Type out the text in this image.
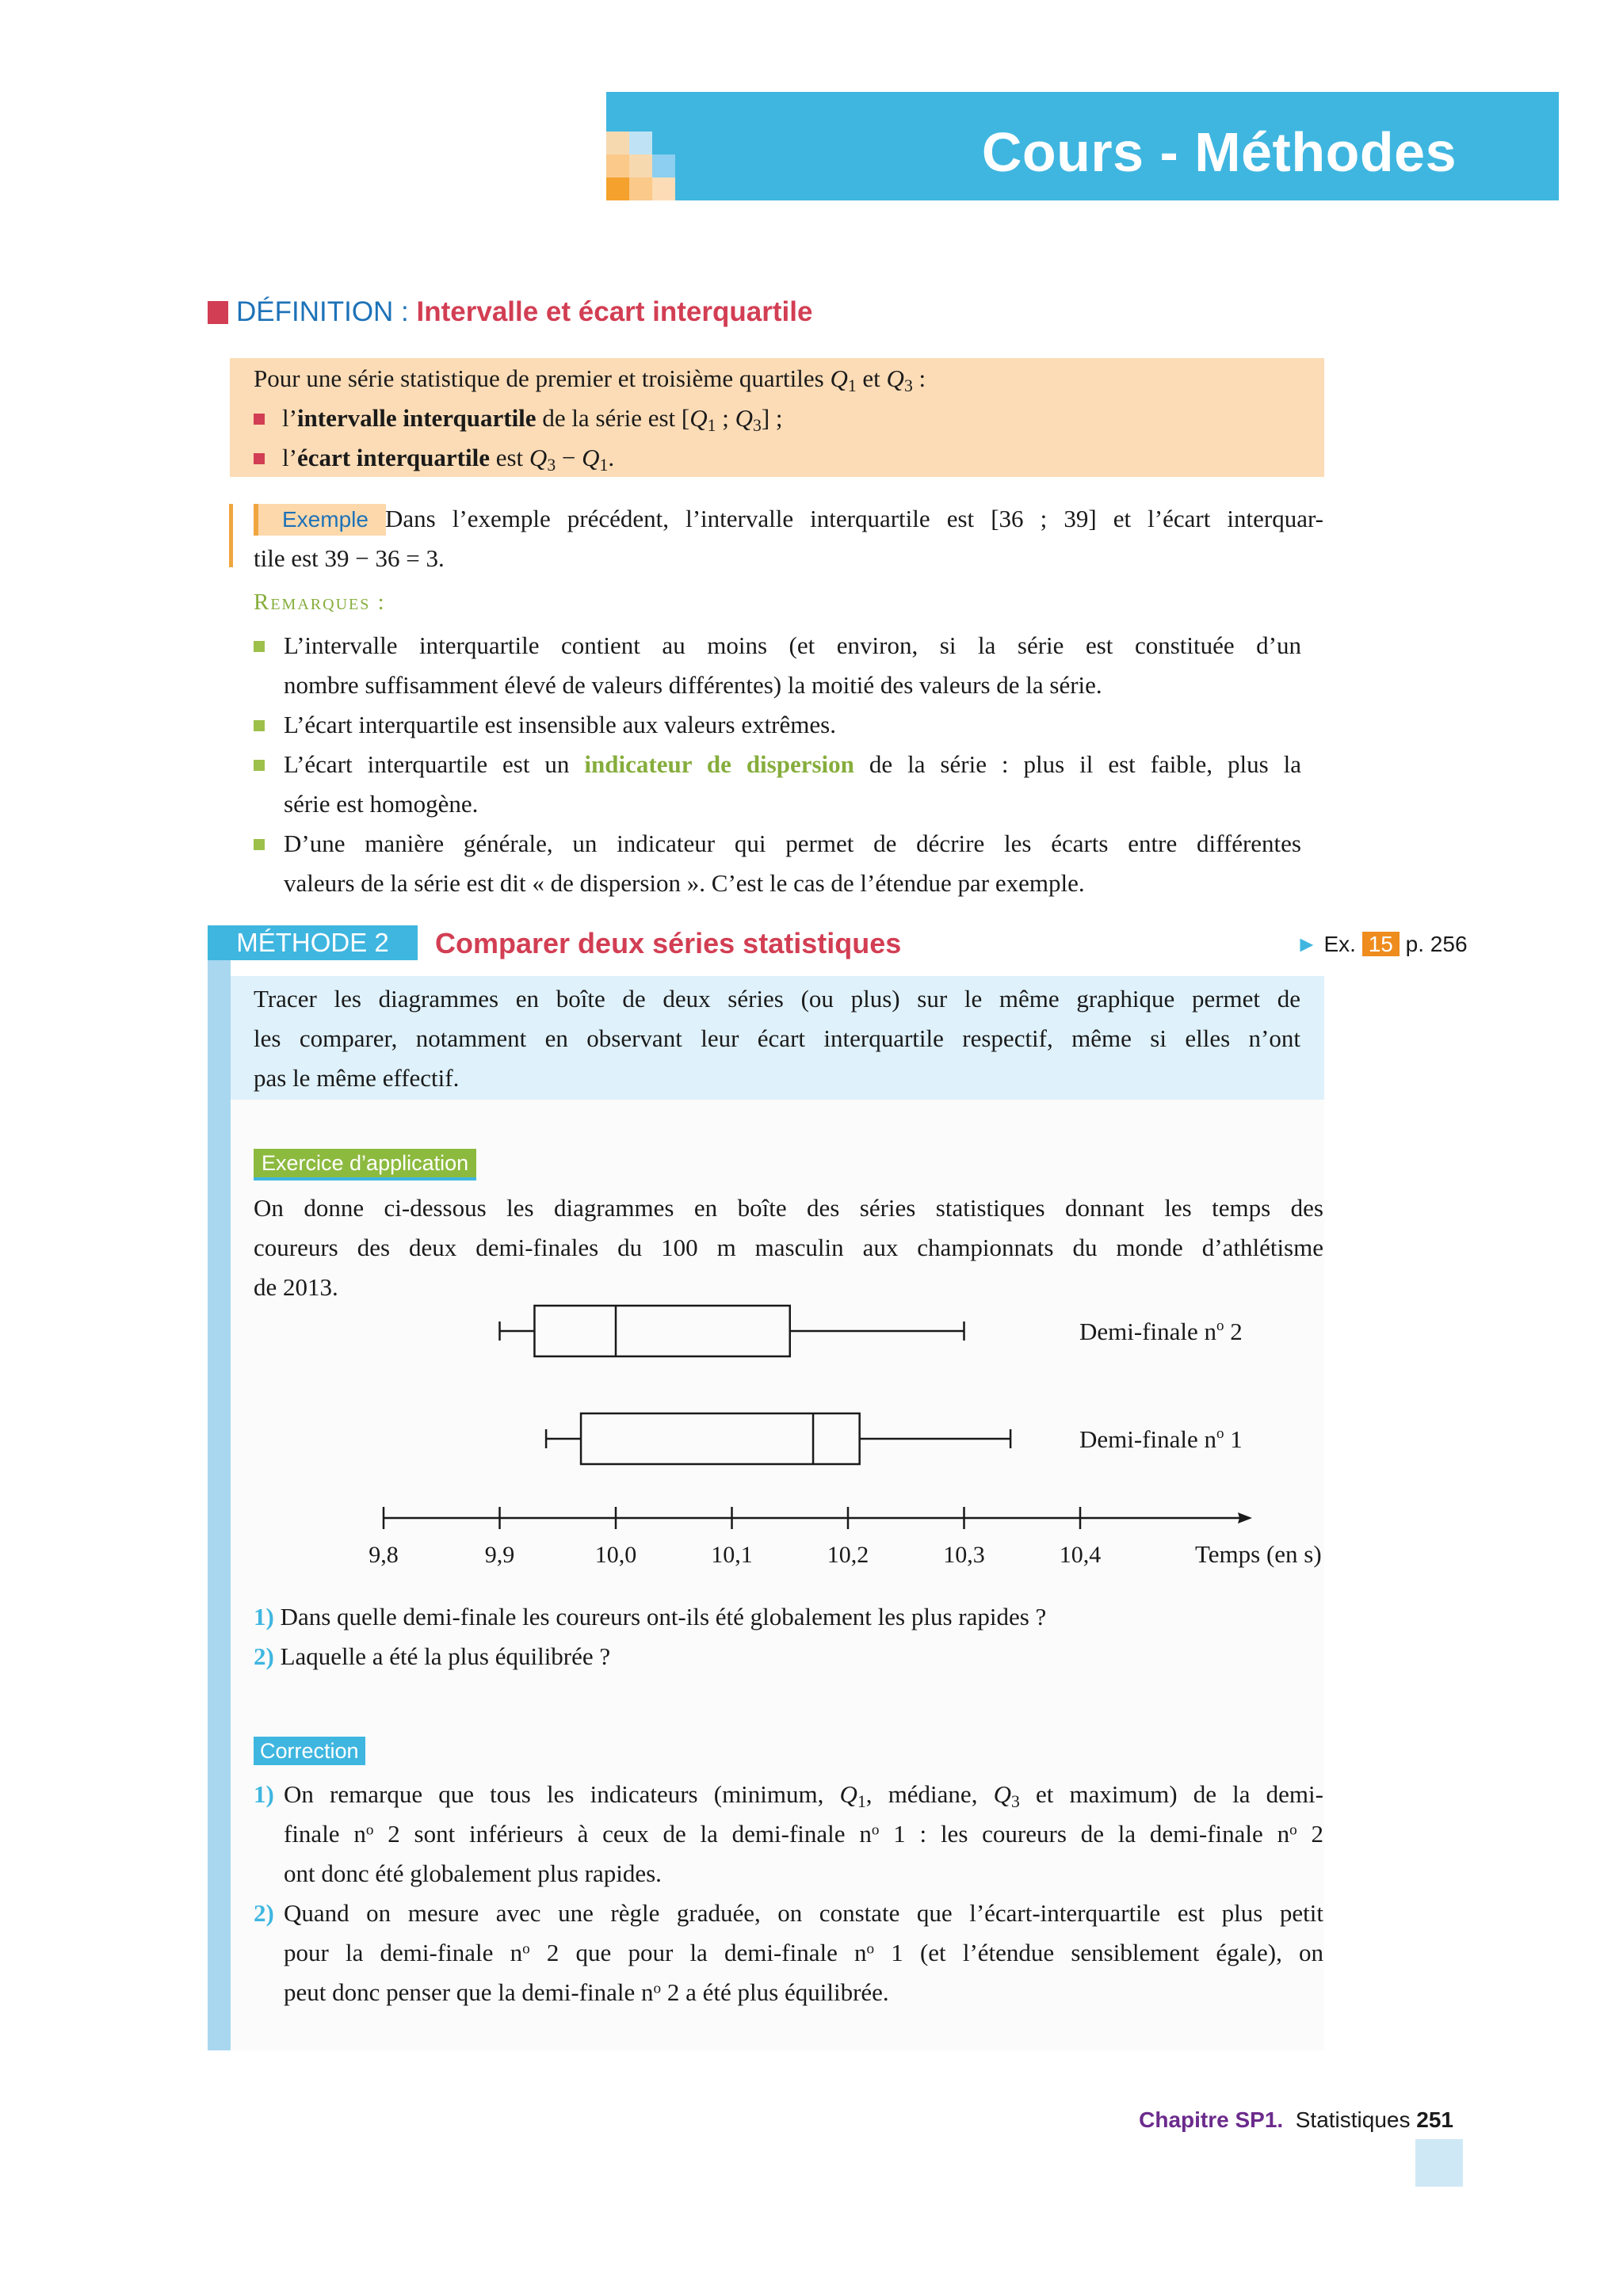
Cours - Méthodes
DÉFINITION : Intervalle et écart interquartile
Pour une série statistique de premier et troisième quartiles $Q_1$ et $Q_3$ :
l’intervalle interquartile de la série est [$Q_1$ ; $Q_3$] ;
l’écart interquartile est $Q_3 - Q_1$.
Exemple Dans l’exemple précédent, l’intervalle interquartile est [36 ; 39] et l’écart interquar-
tile est 39 − 36 = 3.
Remarques :
L’intervalle interquartile contient au moins (et environ, si la série est constituée d’un
nombre suffisamment élevé de valeurs différentes) la moitié des valeurs de la série.
L’écart interquartile est insensible aux valeurs extrêmes.
L’écart interquartile est un indicateur de dispersion de la série : plus il est faible, plus la
série est homogène.
D’une manière générale, un indicateur qui permet de décrire les écarts entre différentes
valeurs de la série est dit « de dispersion ». C’est le cas de l’étendue par exemple.
MÉTHODE 2	Comparer deux séries statistiques	► Ex. 15 p. 256
Tracer les diagrammes en boîte de deux séries (ou plus) sur le même graphique permet de
les comparer, notamment en observant leur écart interquartile respectif, même si elles n’ont
pas le même effectif.
Exercice d’application
On donne ci-dessous les diagrammes en boîte des séries statistiques donnant les temps des
coureurs des deux demi-finales du 100 m masculin aux championnats du monde d’athlétisme
de 2013.
Demi-finale $n^o$ 2
Demi-finale $n^o$ 1
9,8	9,9	10,0	10,1	10,2	10,3	10,4	Temps (en s)
1) Dans quelle demi-finale les coureurs ont-ils été globalement les plus rapides ?
2) Laquelle a été la plus équilibrée ?
Correction
1) On remarque que tous les indicateurs (minimum, $Q_1$, médiane, $Q_3$ et maximum) de la demi-
finale $n^o$ 2 sont inférieurs à ceux de la demi-finale $n^o$ 1 : les coureurs de la demi-finale $n^o$ 2
ont donc été globalement plus rapides.
2) Quand on mesure avec une règle graduée, on constate que l’écart-interquartile est plus petit
pour la demi-finale $n^o$ 2 que pour la demi-finale $n^o$ 1 (et l’étendue sensiblement égale), on
peut donc penser que la demi-finale $n^o$ 2 a été plus équilibrée.
Chapitre SP1. Statistiques 251
